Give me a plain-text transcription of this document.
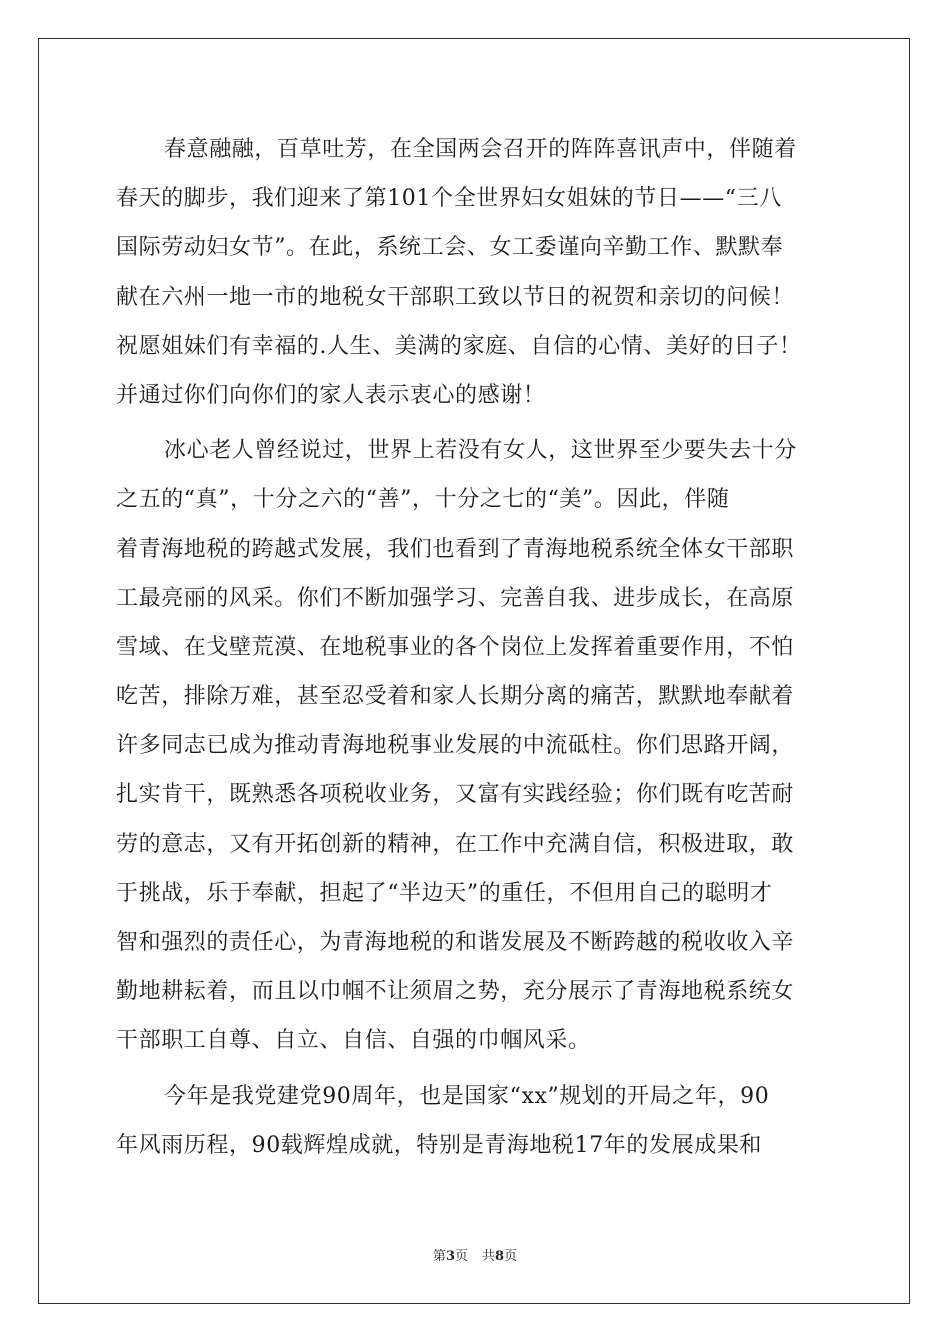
春意融融，百草吐芳，在全国两会召开的阵阵喜讯声中，伴随着
春天的脚步，我们迎来了第101个全世界妇女姐妹的节日——“三八
国际劳动妇女节”。在此，系统工会、女工委谨向辛勤工作、默默奉
献在六州一地一市的地税女干部职工致以节日的祝贺和亲切的问候！
祝愿姐妹们有幸福的.人生、美满的家庭、自信的心情、美好的日子！
并通过你们向你们的家人表示衷心的感谢！
冰心老人曾经说过，世界上若没有女人，这世界至少要失去十分
之五的“真”，十分之六的“善”，十分之七的“美”。因此，伴随
着青海地税的跨越式发展，我们也看到了青海地税系统全体女干部职
工最亮丽的风采。你们不断加强学习、完善自我、进步成长，在高原
雪域、在戈壁荒漠、在地税事业的各个岗位上发挥着重要作用，不怕
吃苦，排除万难，甚至忍受着和家人长期分离的痛苦，默默地奉献着
许多同志已成为推动青海地税事业发展的中流砥柱。你们思路开阔，
扎实肯干，既熟悉各项税收业务，又富有实践经验；你们既有吃苦耐
劳的意志，又有开拓创新的精神，在工作中充满自信，积极进取，敢
于挑战，乐于奉献，担起了“半边天”的重任，不但用自己的聪明才
智和强烈的责任心，为青海地税的和谐发展及不断跨越的税收收入辛
勤地耕耘着，而且以巾帼不让须眉之势，充分展示了青海地税系统女
干部职工自尊、自立、自信、自强的巾帼风采。
今年是我党建党90周年，也是国家“xx”规划的开局之年，90
年风雨历程，90载辉煌成就，特别是青海地税17年的发展成果和
第3页 共8页
